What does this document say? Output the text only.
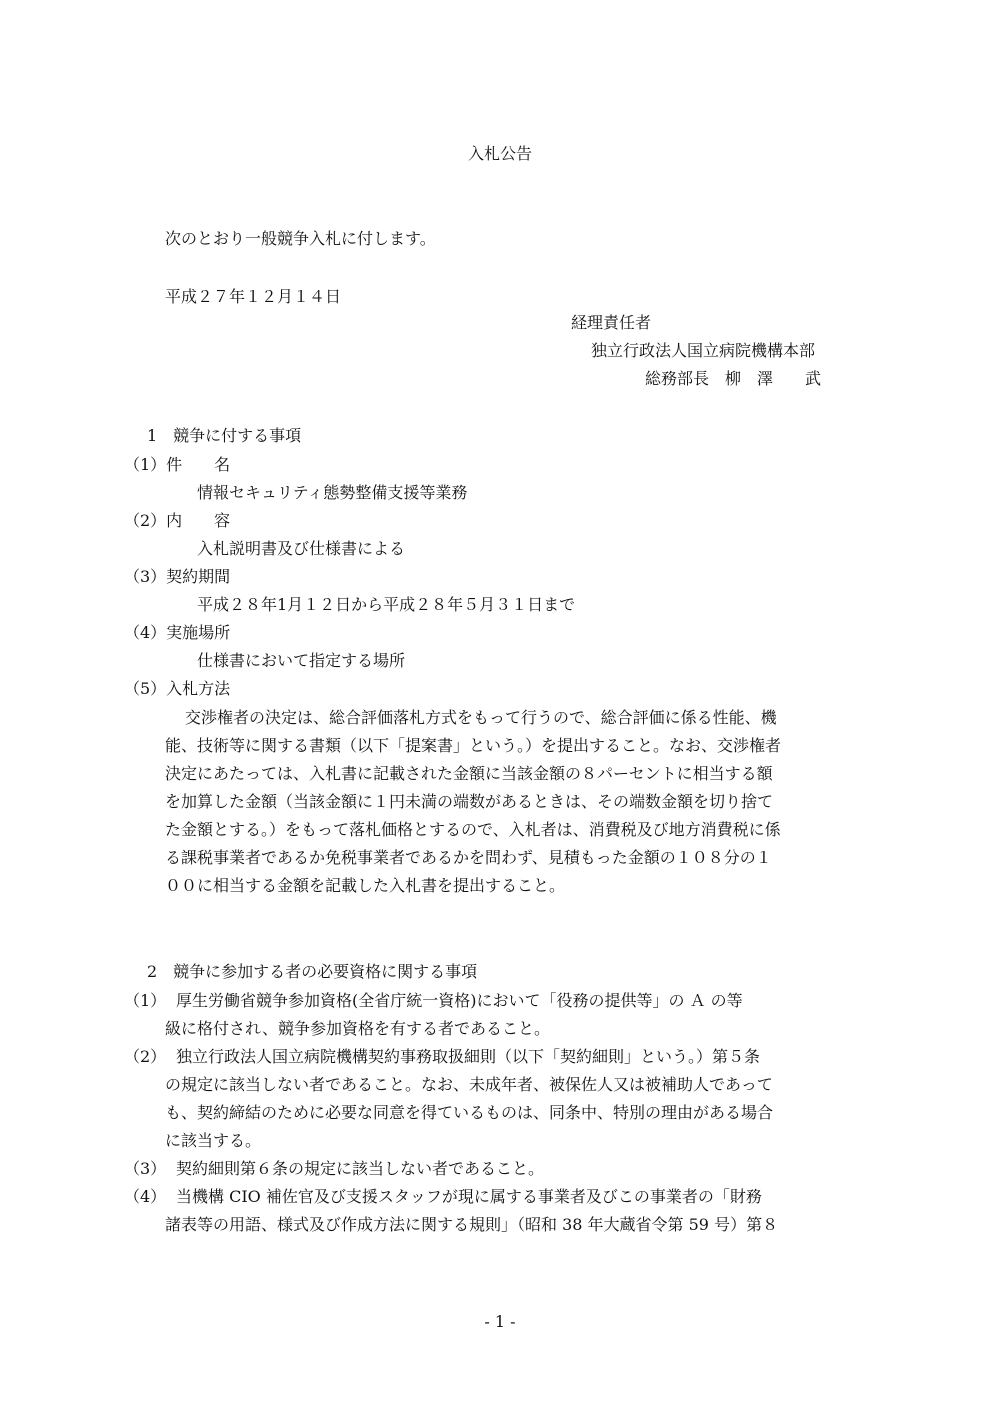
入札公告
次のとおり一般競争入札に付します。
平成２７年１２月１４日
経理責任者
独立行政法人国立病院機構本部
総務部長　柳　澤　　武
1　競争に付する事項
（1）件　　名
情報セキュリティ態勢整備支援等業務
（2）内　　容
入札説明書及び仕様書による
（3）契約期間
平成２８年1月１２日から平成２８年５月３１日まで
（4）実施場所
仕様書において指定する場所
（5）入札方法
交渉権者の決定は、総合評価落札方式をもって行うので、総合評価に係る性能、機
能、技術等に関する書類（以下「提案書」という。）を提出すること。なお、交渉権者
決定にあたっては、入札書に記載された金額に当該金額の８パーセントに相当する額
を加算した金額（当該金額に１円未満の端数があるときは、その端数金額を切り捨て
た金額とする。）をもって落札価格とするので、入札者は、消費税及び地方消費税に係
る課税事業者であるか免税事業者であるかを問わず、見積もった金額の１０８分の１
００に相当する金額を記載した入札書を提出すること。
2　競争に参加する者の必要資格に関する事項
（1） 厚生労働省競争参加資格(全省庁統一資格)において「役務の提供等」の Ａ の等
級に格付され、競争参加資格を有する者であること。
（2） 独立行政法人国立病院機構契約事務取扱細則（以下「契約細則」という。）第５条
の規定に該当しない者であること。なお、未成年者、被保佐人又は被補助人であって
も、契約締結のために必要な同意を得ているものは、同条中、特別の理由がある場合
に該当する。
（3） 契約細則第６条の規定に該当しない者であること。
（4） 当機構 CIO 補佐官及び支援スタッフが現に属する事業者及びこの事業者の「財務
諸表等の用語、様式及び作成方法に関する規則」（昭和 38 年大蔵省令第 59 号）第８
- 1 -
